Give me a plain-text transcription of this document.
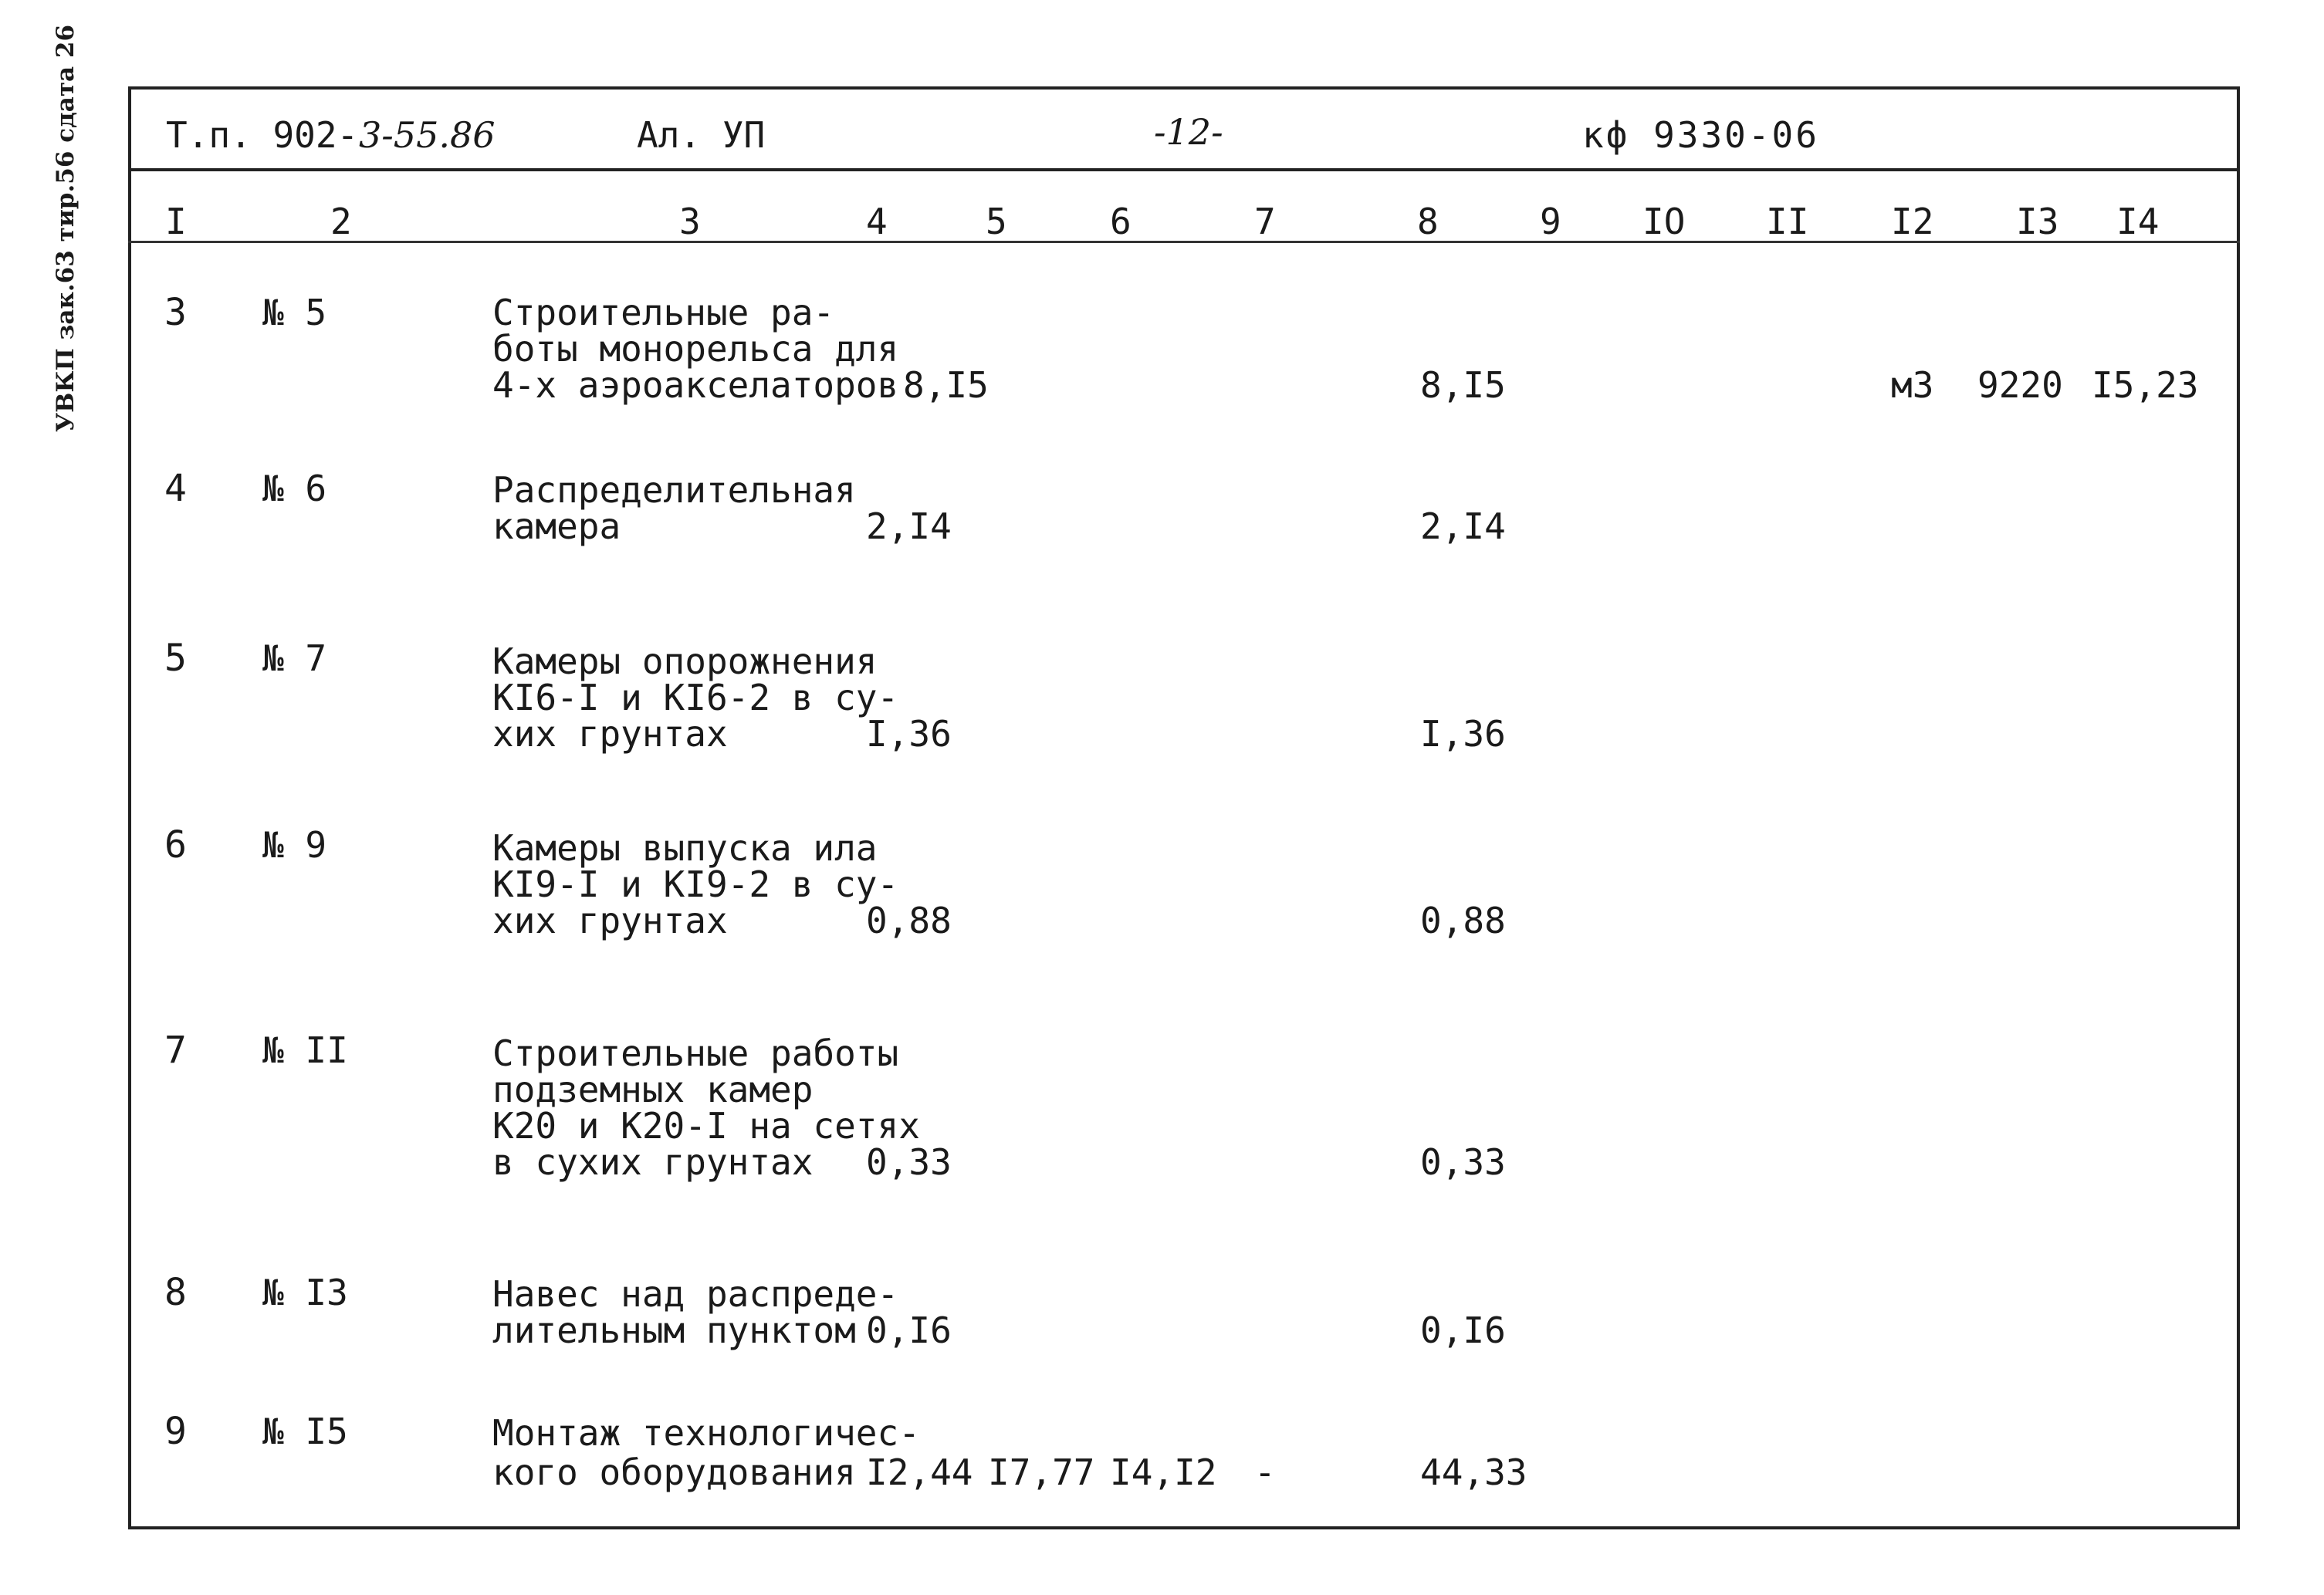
УВКП зак.63 тир.56 сдата 26 Т.п. 902- 3-55.86	Ал. УП	-12-	кф 9330-06
I	2	3	4	5	6	7	8	9 IO II I2 I3 I4
3 № 5	Строительные ра-
боты монорельса для
4-х аэроакселаторов 8,I5	8,I5	м3 9220 I5,23
4 № 6	Распределительная
камера	2,I4	2,I4
5 № 7	Камеры опорожнения
КI6-I и КI6-2 в су-
хих грунтах	I,36	I,36
6 № 9	Камеры выпуска ила
КI9-I и КI9-2 в су-
хих грунтах	0,88	0,88
7 № II	Строительные работы
подземных камер
К20 и К20-I на сетях
в сухих грунтах 0,33	0,33
8 № I3	Навес над распреде-
лительным пунктом 0,I6	0,I6
9 № I5	Монтаж технологичес-
кого оборудования I2,44 I7,77 I4,I2 -	44,33
